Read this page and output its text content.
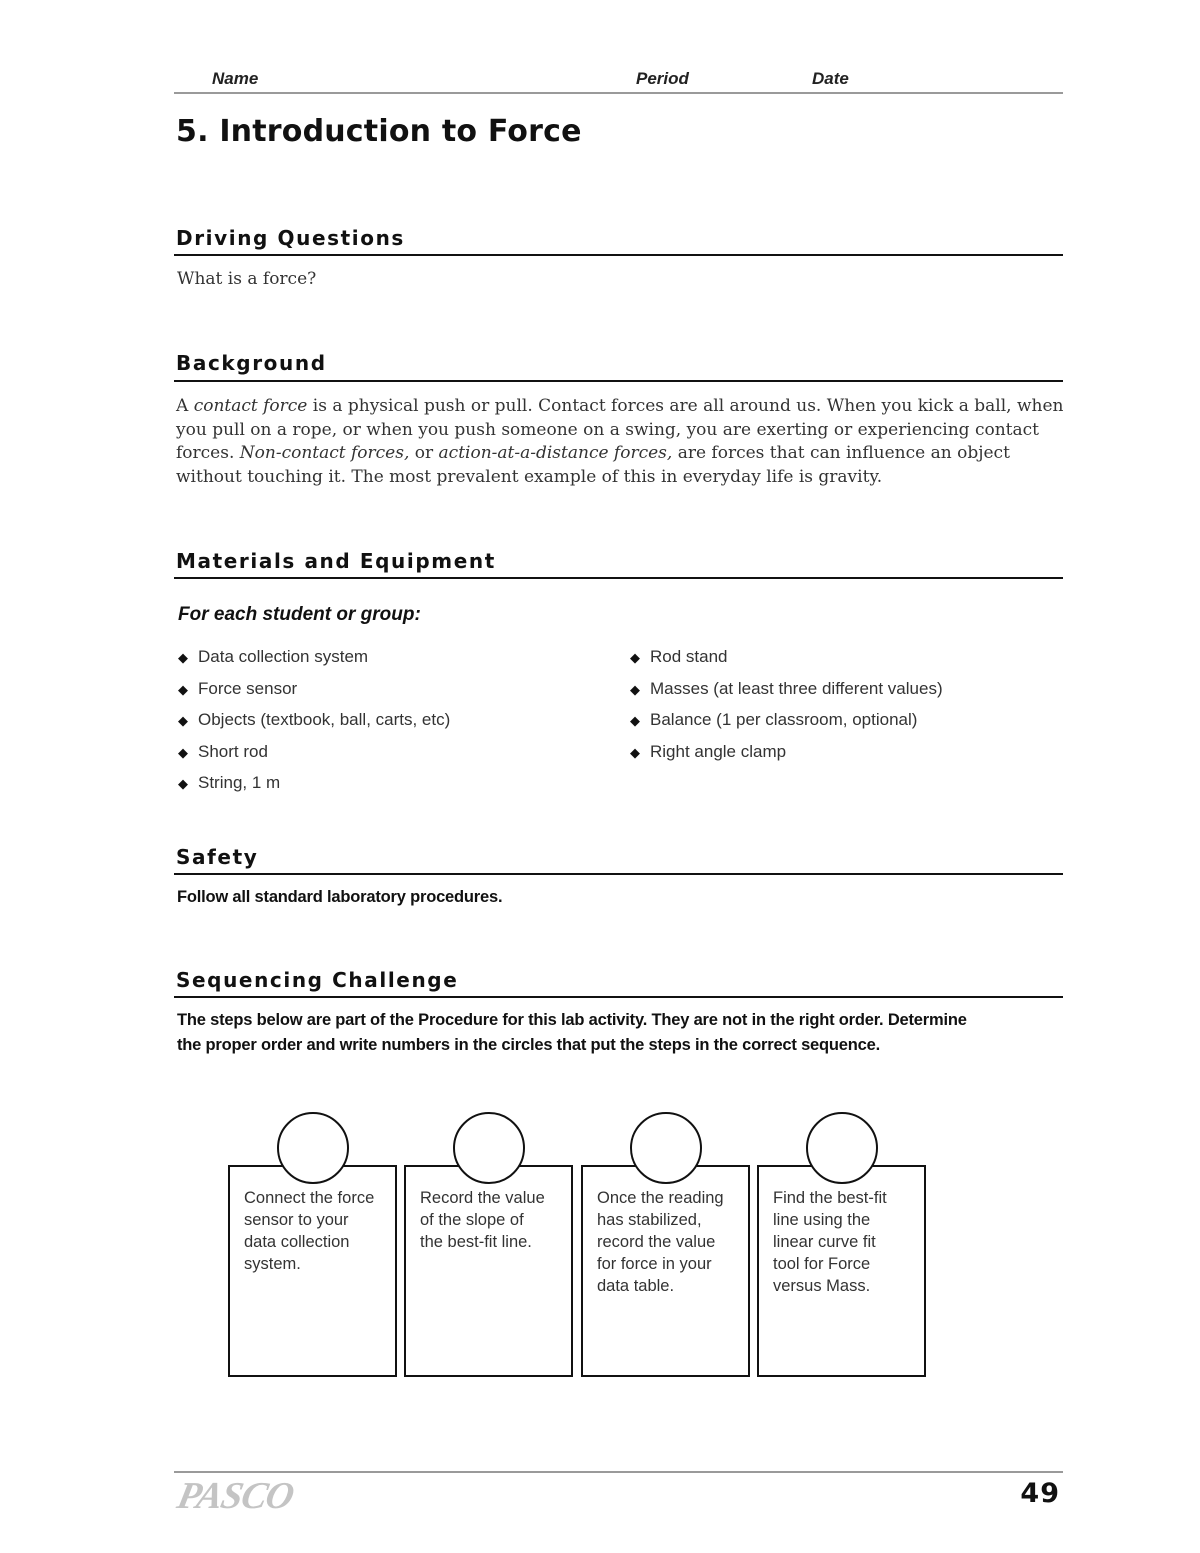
Name	Period	Date
5. Introduction to Force
Driving Questions
What is a force?
Background
A contact force is a physical push or pull. Contact forces are all around us. When you kick a ball, when you pull on a rope, or when you push someone on a swing, you are exerting or experiencing contact forces. Non-contact forces, or action-at-a-distance forces, are forces that can influence an object without touching it. The most prevalent example of this in everyday life is gravity.
Materials and Equipment
For each student or group:
◆ Data collection system
◆ Force sensor
◆ Objects (textbook, ball, carts, etc)
◆ Short rod
◆ String, 1 m
◆ Rod stand
◆ Masses (at least three different values)
◆ Balance (1 per classroom, optional)
◆ Right angle clamp
Safety
Follow all standard laboratory procedures.
Sequencing Challenge
The steps below are part of the Procedure for this lab activity. They are not in the right order. Determine
the proper order and write numbers in the circles that put the steps in the correct sequence.
Connect the force
sensor to your
data collection
system.
Record the value
of the slope of
the best-fit line.
Once the reading
has stabilized,
record the value
for force in your
data table.
Find the best-fit
line using the
linear curve fit
tool for Force
versus Mass.
PASCO	49
